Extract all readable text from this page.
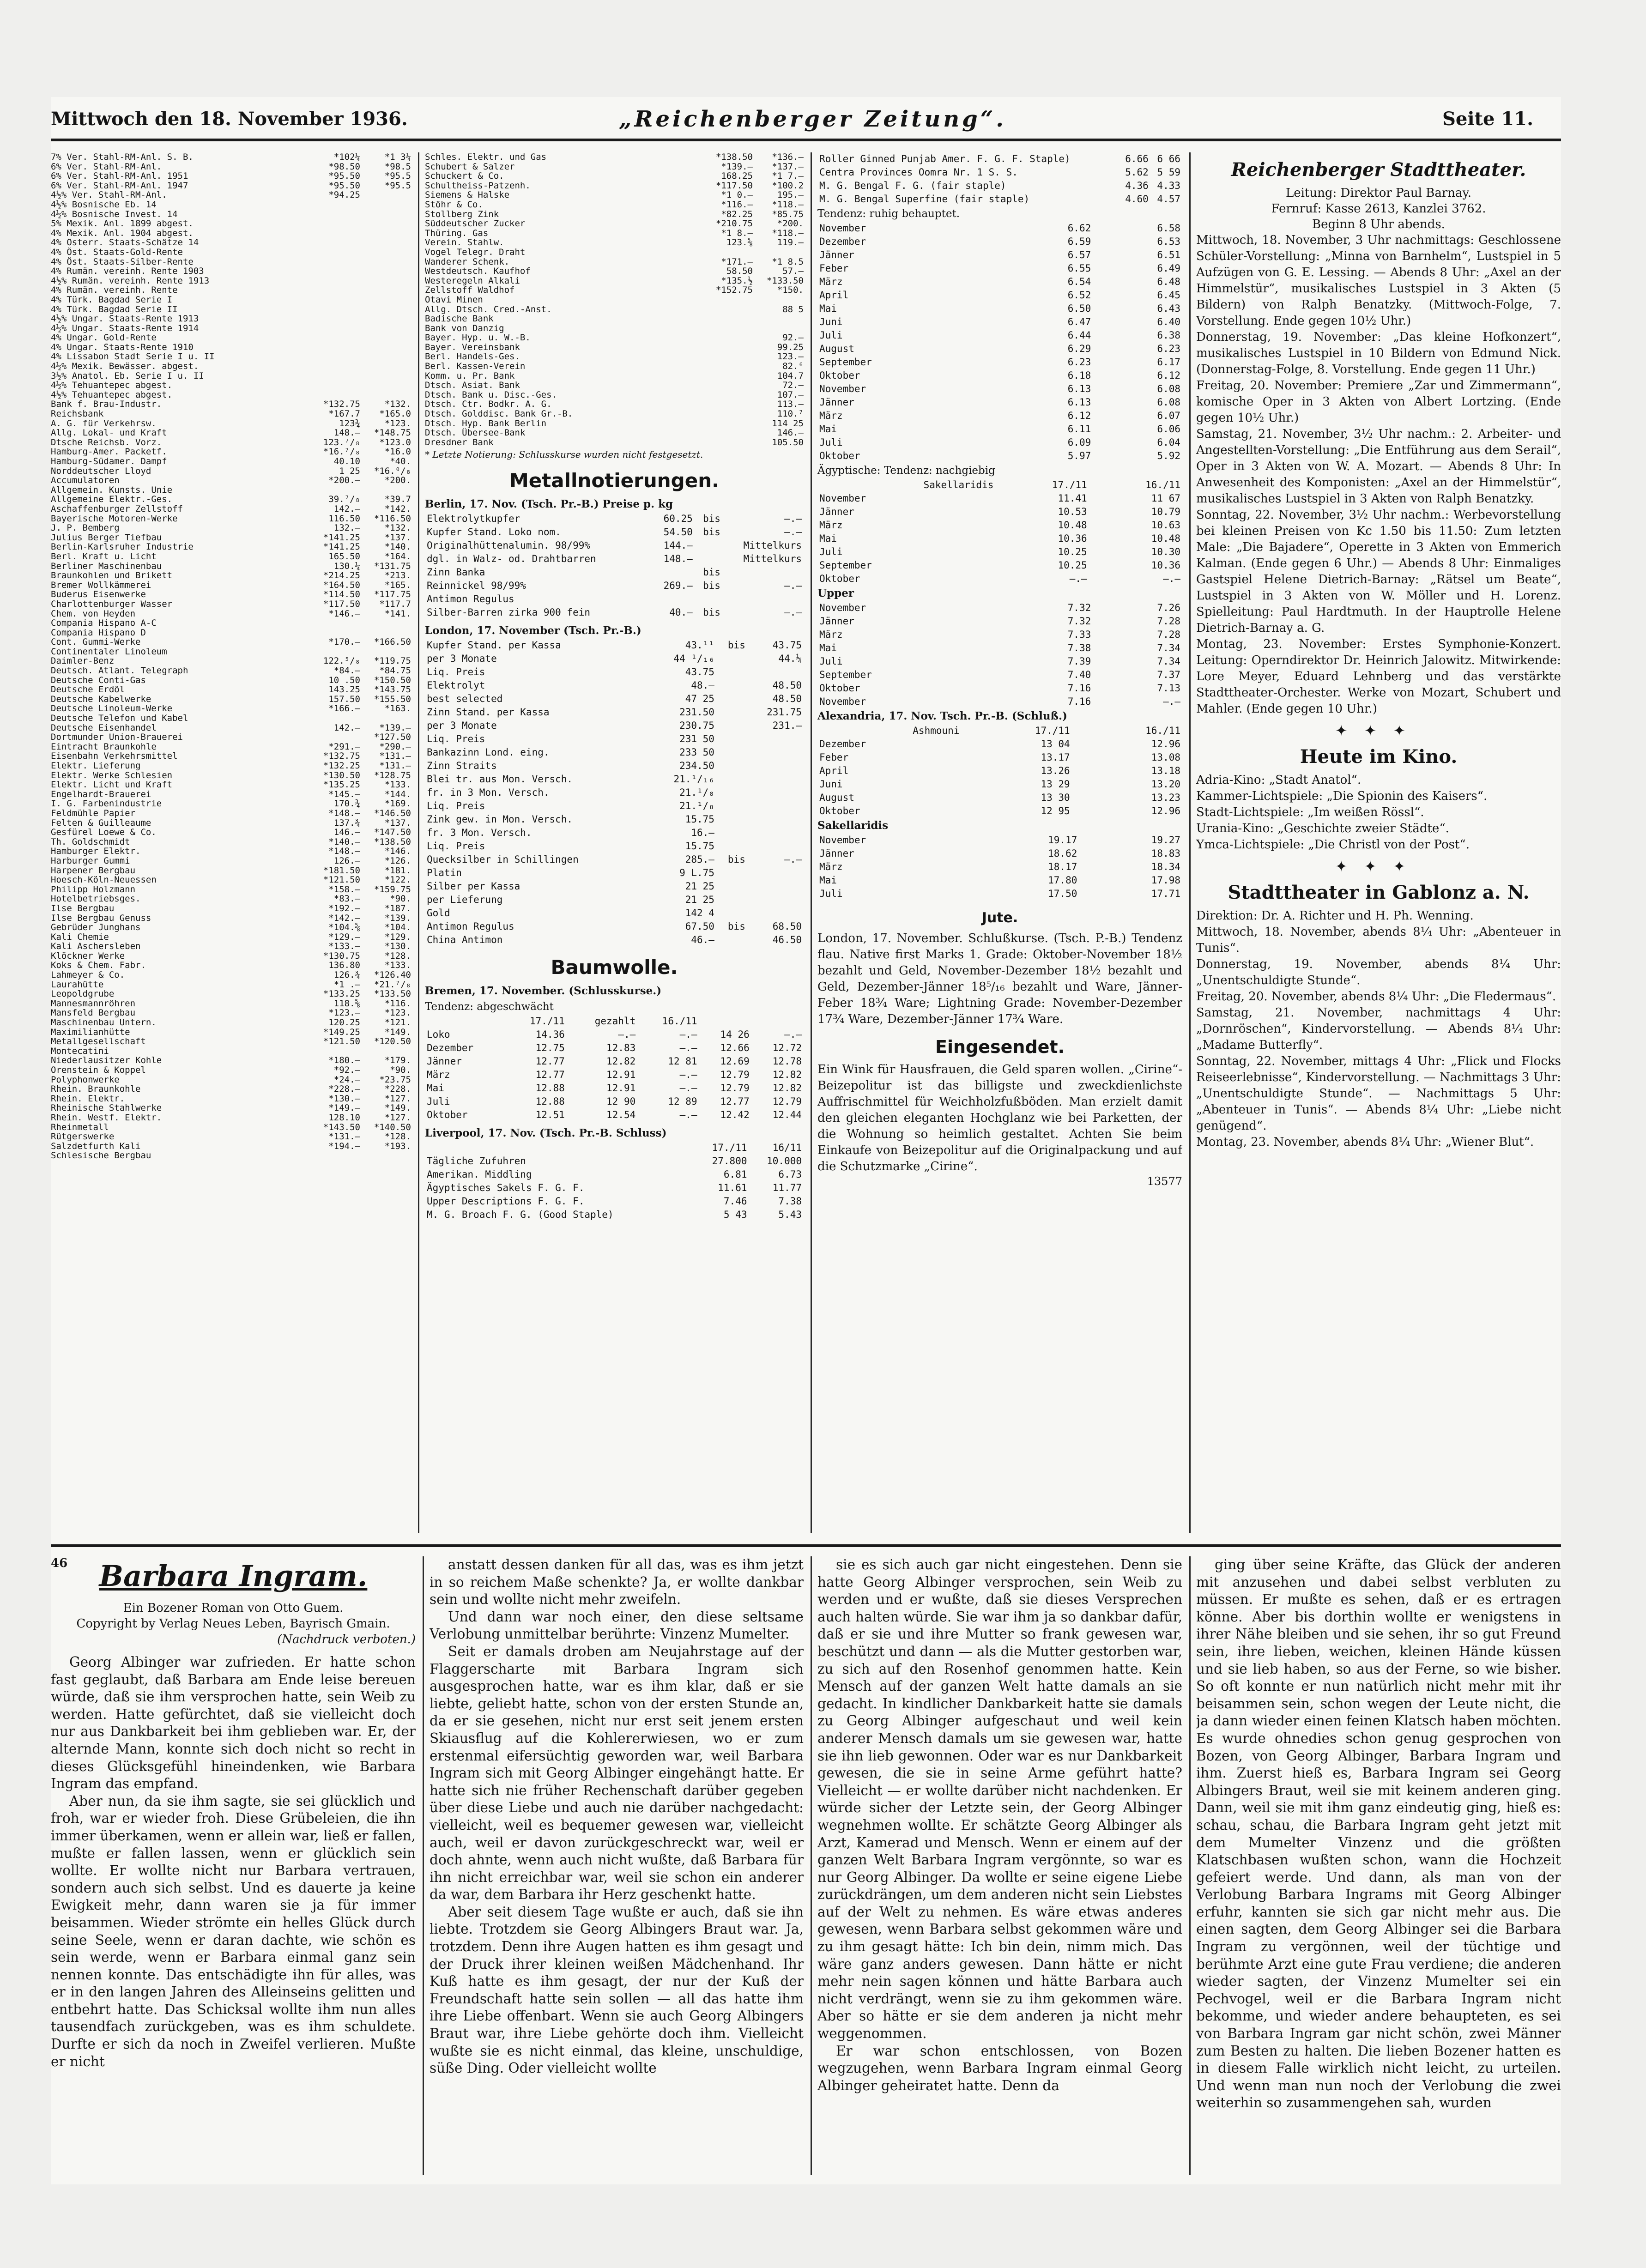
Mittwoch den 18. November 1936.	„Reichenberger Zeitung“.	Seite 11.
7% Ver. Stahl-RM-Anl. S. B.	*102¼	*1 3¼
6% Ver. Stahl-RM-Anl.	*98.50	*98.5
6% Ver. Stahl-RM-Anl. 1951	*95.50	*95.5
6% Ver. Stahl-RM-Anl. 1947	*95.50	*95.5
4½% Ver. Stahl-RM-Anl.	*94.25
4½% Bosnische Eb. 14
4½% Bosnische Invest. 14
5% Mexik. Anl. 1899 abgest.
4% Mexik. Anl. 1904 abgest.
4% Österr. Staats-Schätze 14
4% Öst. Staats-Gold-Rente
4% Öst. Staats-Silber-Rente
4% Rumän. vereinh. Rente 1903
4½% Rumän. vereinh. Rente 1913
4% Rumän. vereinh. Rente
4% Türk. Bagdad Serie I
4% Türk. Bagdad Serie II
4½% Ungar. Staats-Rente 1913
4½% Ungar. Staats-Rente 1914
4% Ungar. Gold-Rente
4% Ungar. Staats-Rente 1910
4% Lissabon Stadt Serie I u. II
4½% Mexik. Bewässer. abgest.
3½% Anatol. Eb. Serie I u. II
4½% Tehuantepec abgest.
4½% Tehuantepec abgest.
Bank f. Brau-Industr.	*132.75	*132.
Reichsbank	*167.7	*165.0
A. G. für Verkehrsw.	123¾	*123.
Allg. Lokal- und Kraft	148.—	*148.75
Dtsche Reichsb. Vorz.	123.⁷/₈	*123.0
Hamburg-Amer. Packetf.	*16.⁷/₈	*16.0
Hamburg-Südamer. Dampf	40.10	*40.
Norddeutscher Lloyd	1 25	*16.⁰/₈
Accumulatoren	*200.—	*200.
Allgemein. Kunsts. Unie
Allgemeine Elektr.-Ges.	39.⁷/₈	*39.7
Aschaffenburger Zellstoff	142.—	*142.
Bayerische Motoren-Werke	116.50	*116.50
J. P. Bemberg	132.—	*132.
Julius Berger Tiefbau	*141.25	*137.
Berlin-Karlsruher Industrie	*141.25	*140.
Berl. Kraft u. Licht	165.50	*164.
Berliner Maschinenbau	130.¼	*131.75
Braunkohlen und Brikett	*214.25	*213.
Bremer Wollkämmerei	*164.50	*165.
Buderus Eisenwerke	*114.50	*117.75
Charlottenburger Wasser	*117.50	*117.7
Chem. von Heyden	*146.—	*141.
Compania Hispano A-C
Compania Hispano D
Cont. Gummi-Werke	*170.—	*166.50
Continentaler Linoleum
Daimler-Benz	122.⁵/₈	*119.75
Deutsch. Atlant. Telegraph	*84.—	*84.75
Deutsche Conti-Gas	10 .50	*150.50
Deutsche Erdöl	143.25	*143.75
Deutsche Kabelwerke	157.50	*155.50
Deutsche Linoleum-Werke	*166.—	*163.
Deutsche Telefon und Kabel
Deutsche Eisenhandel	142.—	*139.—
Dortmunder Union-Brauerei	*127.50
Eintracht Braunkohle	*291.—	*290.—
Eisenbahn Verkehrsmittel	*132.75	*131.—
Elektr. Lieferung	*132.25	*131.—
Elektr. Werke Schlesien	*130.50	*128.75
Elektr. Licht und Kraft	*135.25	*133.
Engelhardt-Brauerei	*145.—	*144.
I. G. Farbenindustrie	170.¾	*169.
Feldmühle Papier	*148.—	*146.50
Felten & Guilleaume	137.¾	*137.
Gesfürel Loewe & Co.	146.—	*147.50
Th. Goldschmidt	*140.—	*138.50
Hamburger Elektr.	*148.—	*146.
Harburger Gummi	126.—	*126.
Harpener Bergbau	*181.50	*181.
Hoesch-Köln-Neuessen	*121.50	*122.
Philipp Holzmann	*158.—	*159.75
Hotelbetriebsges.	*83.—	*90.
Ilse Bergbau	*192.—	*187.
Ilse Bergbau Genuss	*142.—	*139.
Gebrüder Junghans	*104.⅝	*104.
Kali Chemie	*129.—	*129.
Kali Aschersleben	*133.—	*130.
Klöckner Werke	*130.75	*128.
Koks & Chem. Fabr.	136.80	*133.
Lahmeyer & Co.	126.¾	*126.40
Laurahütte	*1 .—	*21.⁷/₈
Leopoldgrube	*133.25	*133.50
Mannesmannröhren	118.⅝	*116.
Mansfeld Bergbau	*123.—	*123.
Maschinenbau Untern.	120.25	*121.
Maximilianhütte	*149.25	*149.
Metallgesellschaft	*121.50	*120.50
Montecatini
Niederlausitzer Kohle	*180.—	*179.
Orenstein & Koppel	*92.—	*90.
Polyphonwerke	*24.—	*23.75
Rhein. Braunkohle	*228.—	*228.
Rhein. Elektr.	*130.—	*127.
Rheinische Stahlwerke	*149.—	*149.
Rhein. Westf. Elektr.	128.10	*127.
Rheinmetall	*143.50	*140.50
Rütgerswerke	*131.—	*128.
Salzdetfurth Kali	*194.—	*193.
Schlesische Bergbau
Schles. Elektr. und Gas	*138.50	*136.—
Schubert & Salzer	*139.—	*137.—
Schuckert & Co.	168.25	*1 7.—
Schultheiss-Patzenh.	*117.50	*100.2
Siemens & Halske	*1 0.—	195.—
Stöhr & Co.	*116.—	*118.—
Stollberg Zink	*82.25	*85.75
Süddeutscher Zucker	*210.75	*200.
Thüring. Gas	*1 8.—	*118.—
Verein. Stahlw.	123.⅝	119.—
Vogel Telegr. Draht
Wanderer Schenk.	*171.—	*1 8.5
Westdeutsch. Kaufhof	58.50	57.—
Westeregeln Alkali	*135.½	*133.50
Zellstoff Waldhof	*152.75	*150.
Otavi Minen
Allg. Dtsch. Cred.-Anst.	88 5
Badische Bank
Bank von Danzig
Bayer. Hyp. u. W.-B.	92.—
Bayer. Vereinsbank	99.25
Berl. Handels-Ges.	123.—
Berl. Kassen-Verein	82.⁶
Komm. u. Pr. Bank	104.7
Dtsch. Asiat. Bank	72.—
Dtsch. Bank u. Disc.-Ges.	107.—
Dtsch. Ctr. Bodkr. A. G.	113.—
Dtsch. Golddisc. Bank Gr.-B.	110.⁷
Dtsch. Hyp. Bank Berlin	114 25
Dtsch. Übersee-Bank	146.—
Dresdner Bank	105.50
* Letzte Notierung: Schlusskurse wurden nicht festgesetzt.
Metallnotierungen.
Berlin, 17. Nov. (Tsch. Pr.-B.) Preise p. kg
Elektrolytkupfer	60.25	bis	—.—
Kupfer Stand. Loko nom.	54.50	bis	—.—
Originalhüttenalumin. 98/99%	144.—		Mittelkurs
dgl. in Walz- od. Drahtbarren	148.—		Mittelkurs
Zinn Banka		bis	
Reinnickel 98/99%	269.—	bis	—.—
Antimon Regulus			
Silber-Barren zirka 900 fein	40.—	bis	—.—
London, 17. November (Tsch. Pr.-B.)
Kupfer Stand. per Kassa	43.¹¹	bis	43.75
per 3 Monate	44 ¹/₁₆		44.¼
Liq. Preis	43.75		
Elektrolyt	48.—		48.50
best selected	47 25		48.50
Zinn Stand. per Kassa	231.50		231.75
per 3 Monate	230.75		231.—
Liq. Preis	231 50		
Bankazinn Lond. eing.	233 50		
Zinn Straits	234.50		
Blei tr. aus Mon. Versch.	21.¹/₁₆		
fr. in 3 Mon. Versch.	21.¹/₈		
Liq. Preis	21.¹/₈		
Zink gew. in Mon. Versch.	15.75		
fr. 3 Mon. Versch.	16.—		
Liq. Preis	15.75		
Quecksilber in Schillingen	285.—	bis	—.—
Platin	9 L.75		
Silber per Kassa	21 25		
per Lieferung	21 25		
Gold	142 4		
Antimon Regulus	67.50	bis	68.50
China Antimon	46.—		46.50
Baumwolle.
Bremen, 17. November. (Schlusskurse.)
Tendenz: abgeschwächt
	17./11	gezahlt	16./11		
Loko	14.36	—.—	—.—	14 26	—.—
Dezember	12.75	12.83	—.—	12.66	12.72
Jänner	12.77	12.82	12 81	12.69	12.78
März	12.77	12.91	—.—	12.79	12.82
Mai	12.88	12.91	—.—	12.79	12.82
Juli	12.88	12 90	12 89	12.77	12.79
Oktober	12.51	12.54	—.—	12.42	12.44
Liverpool, 17. Nov. (Tsch. Pr.-B. Schluss)
	17./11	16/11
Tägliche Zufuhren	27.800	10.000
Amerikan. Middling	6.81	6.73
Ägyptisches Sakels F. G. F.	11.61	11.77
Upper Descriptions F. G. F.	7.46	7.38
M. G. Broach F. G. (Good Staple)	5 43	5.43
Roller Ginned Punjab Amer. F. G. F. Staple)	6.66	6 66
Centra Provinces Oomra Nr. 1 S. S.	5.62	5 59
M. G. Bengal F. G. (fair staple)	4.36	4.33
M. G. Bengal Superfine (fair staple)	4.60	4.57
Tendenz: ruhig behauptet.
November	6.62	6.58
Dezember	6.59	6.53
Jänner	6.57	6.51
Feber	6.55	6.49
März	6.54	6.48
April	6.52	6.45
Mai	6.50	6.43
Juni	6.47	6.40
Juli	6.44	6.38
August	6.29	6.23
September	6.23	6.17
Oktober	6.18	6.12
November	6.13	6.08
Jänner	6.13	6.08
März	6.12	6.07
Mai	6.11	6.06
Juli	6.09	6.04
Oktober	5.97	5.92
Ägyptische: Tendenz: nachgiebig
Sakellaridis	17./11	16./11
November	11.41	11 67
Jänner	10.53	10.79
März	10.48	10.63
Mai	10.36	10.48
Juli	10.25	10.30
September	10.25	10.36
Oktober	—.—	—.—
Upper
November	7.32	7.26
Jänner	7.32	7.28
März	7.33	7.28
Mai	7.38	7.34
Juli	7.39	7.34
September	7.40	7.37
Oktober	7.16	7.13
November	7.16	—.—
Alexandria, 17. Nov. Tsch. Pr.-B. (Schluß.)
Ashmouni	17./11	16./11
Dezember	13 04	12.96
Feber	13.17	13.08
April	13.26	13.18
Juni	13 29	13.20
August	13 30	13.23
Oktober	12 95	12.96
Sakellaridis
November	19.17	19.27
Jänner	18.62	18.83
März	18.17	18.34
Mai	17.80	17.98
Juli	17.50	17.71
Jute.

London, 17. November. Schlußkurse. (Tsch. P.-B.) Tendenz flau. Native first Marks 1. Grade: Oktober-November 18½ bezahlt und Geld, November-Dezember 18½ bezahlt und Geld, Dezember-Jänner 18⁵/₁₆ bezahlt und Ware, Jänner-Feber 18¾ Ware; Lightning Grade: November-Dezember 17¾ Ware, Dezember-Jänner 17¾ Ware.

Eingesendet.

Ein Wink für Hausfrauen, die Geld sparen wollen. „Cirine“-Beizepolitur ist das billigste und zweckdienlichste Auffrischmittel für Weichholzfußböden. Man erzielt damit den gleichen eleganten Hochglanz wie bei Parketten, der die Wohnung so heimlich gestaltet. Achten Sie beim Einkaufe von Beizepolitur auf die Originalpackung und auf die Schutzmarke „Cirine“.

13577
Reichenberger Stadttheater.
Leitung: Direktor Paul Barnay.
Fernruf: Kasse 2613, Kanzlei 3762.
Beginn 8 Uhr abends.

Mittwoch, 18. November, 3 Uhr nachmittags: Geschlossene Schüler-Vorstellung: „Minna von Barnhelm“, Lustspiel in 5 Aufzügen von G. E. Lessing. — Abends 8 Uhr: „Axel an der Himmelstür“, musikalisches Lustspiel in 3 Akten (5 Bildern) von Ralph Benatzky. (Mittwoch-Folge, 7. Vorstellung. Ende gegen 10½ Uhr.)

Donnerstag, 19. November: „Das kleine Hofkonzert“, musikalisches Lustspiel in 10 Bildern von Edmund Nick. (Donnerstag-Folge, 8. Vorstellung. Ende gegen 11 Uhr.)

Freitag, 20. November: Premiere „Zar und Zimmermann“, komische Oper in 3 Akten von Albert Lortzing. (Ende gegen 10½ Uhr.)

Samstag, 21. November, 3½ Uhr nachm.: 2. Arbeiter- und Angestellten-Vorstellung: „Die Entführung aus dem Serail“, Oper in 3 Akten von W. A. Mozart. — Abends 8 Uhr: In Anwesenheit des Komponisten: „Axel an der Himmelstür“, musikalisches Lustspiel in 3 Akten von Ralph Benatzky.

Sonntag, 22. November, 3½ Uhr nachm.: Werbevorstellung bei kleinen Preisen von Kc 1.50 bis 11.50: Zum letzten Male: „Die Bajadere“, Operette in 3 Akten von Emmerich Kalman. (Ende gegen 6 Uhr.) — Abends 8 Uhr: Einmaliges Gastspiel Helene Dietrich-Barnay: „Rätsel um Beate“, Lustspiel in 3 Akten von W. Möller und H. Lorenz. Spielleitung: Paul Hardtmuth. In der Hauptrolle Helene Dietrich-Barnay a. G.

Montag, 23. November: Erstes Symphonie-Konzert. Leitung: Operndirektor Dr. Heinrich Jalowitz. Mitwirkende: Lore Meyer, Eduard Lehnberg und das verstärkte Stadttheater-Orchester. Werke von Mozart, Schubert und Mahler. (Ende gegen 10 Uhr.)

✦✦✦
Heute im Kino.

Adria-Kino: „Stadt Anatol“.

Kammer-Lichtspiele: „Die Spionin des Kaisers“.

Stadt-Lichtspiele: „Im weißen Rössl“.

Urania-Kino: „Geschichte zweier Städte“.

Ymca-Lichtspiele: „Die Christl von der Post“.

✦✦✦
Stadttheater in Gablonz a. N.
Direktion: Dr. A. Richter und H. Ph. Wenning.

Mittwoch, 18. November, abends 8¼ Uhr: „Abenteuer in Tunis“.

Donnerstag, 19. November, abends 8¼ Uhr: „Unentschuldigte Stunde“.

Freitag, 20. November, abends 8¼ Uhr: „Die Fledermaus“.

Samstag, 21. November, nachmittags 4 Uhr: „Dornröschen“, Kindervorstellung. — Abends 8¼ Uhr: „Madame Butterfly“.

Sonntag, 22. November, mittags 4 Uhr: „Flick und Flocks Reiseerlebnisse“, Kindervorstellung. — Nachmittags 3 Uhr: „Unentschuldigte Stunde“. — Nachmittags 5 Uhr: „Abenteuer in Tunis“. — Abends 8¼ Uhr: „Liebe nicht genügend“.

Montag, 23. November, abends 8¼ Uhr: „Wiener Blut“.

46	Barbara Ingram.
Ein Bozener Roman von Otto Guem.
Copyright by Verlag Neues Leben, Bayrisch Gmain.
(Nachdruck verboten.)

Georg Albinger war zufrieden. Er hatte schon fast geglaubt, daß Barbara am Ende leise bereuen würde, daß sie ihm versprochen hatte, sein Weib zu werden. Hatte gefürchtet, daß sie vielleicht doch nur aus Dankbarkeit bei ihm geblieben war. Er, der alternde Mann, konnte sich doch nicht so recht in dieses Glücksgefühl hineindenken, wie Barbara Ingram das empfand.

Aber nun, da sie ihm sagte, sie sei glücklich und froh, war er wieder froh. Diese Grübeleien, die ihn immer überkamen, wenn er allein war, ließ er fallen, mußte er fallen lassen, wenn er glücklich sein wollte. Er wollte nicht nur Barbara vertrauen, sondern auch sich selbst. Und es dauerte ja keine Ewigkeit mehr, dann waren sie ja für immer beisammen. Wieder strömte ein helles Glück durch seine Seele, wenn er daran dachte, wie schön es sein werde, wenn er Barbara einmal ganz sein nennen konnte. Das entschädigte ihn für alles, was er in den langen Jahren des Alleinseins gelitten und entbehrt hatte. Das Schicksal wollte ihm nun alles tausendfach zurückgeben, was es ihm schuldete. Durfte er sich da noch in Zweifel verlieren. Mußte er nicht

anstatt dessen danken für all das, was es ihm jetzt in so reichem Maße schenkte? Ja, er wollte dankbar sein und wollte nicht mehr zweifeln.

Und dann war noch einer, den diese seltsame Verlobung unmittelbar berührte: Vinzenz Mumelter.

Seit er damals droben am Neujahrstage auf der Flaggerscharte mit Barbara Ingram sich ausgesprochen hatte, war es ihm klar, daß er sie liebte, geliebt hatte, schon von der ersten Stunde an, da er sie gesehen, nicht nur erst seit jenem ersten Skiausflug auf die Kohlererwiesen, wo er zum erstenmal eifersüchtig geworden war, weil Barbara Ingram sich mit Georg Albinger eingehängt hatte. Er hatte sich nie früher Rechenschaft darüber gegeben über diese Liebe und auch nie darüber nachgedacht: vielleicht, weil es bequemer gewesen war, vielleicht auch, weil er davon zurückgeschreckt war, weil er doch ahnte, wenn auch nicht wußte, daß Barbara für ihn nicht erreichbar war, weil sie schon ein anderer da war, dem Barbara ihr Herz geschenkt hatte.

Aber seit diesem Tage wußte er auch, daß sie ihn liebte. Trotzdem sie Georg Albingers Braut war. Ja, trotzdem. Denn ihre Augen hatten es ihm gesagt und der Druck ihrer kleinen weißen Mädchenhand. Ihr Kuß hatte es ihm gesagt, der nur der Kuß der Freundschaft hatte sein sollen — all das hatte ihm ihre Liebe offenbart. Wenn sie auch Georg Albingers Braut war, ihre Liebe gehörte doch ihm. Vielleicht wußte sie es nicht einmal, das kleine, unschuldige, süße Ding. Oder vielleicht wollte

sie es sich auch gar nicht eingestehen. Denn sie hatte Georg Albinger versprochen, sein Weib zu werden und er wußte, daß sie dieses Versprechen auch halten würde. Sie war ihm ja so dankbar dafür, daß er sie und ihre Mutter so frank gewesen war, beschützt und dann — als die Mutter gestorben war, zu sich auf den Rosenhof genommen hatte. Kein Mensch auf der ganzen Welt hatte damals an sie gedacht. In kindlicher Dankbarkeit hatte sie damals zu Georg Albinger aufgeschaut und weil kein anderer Mensch damals um sie gewesen war, hatte sie ihn lieb gewonnen. Oder war es nur Dankbarkeit gewesen, die sie in seine Arme geführt hatte? Vielleicht — er wollte darüber nicht nachdenken. Er würde sicher der Letzte sein, der Georg Albinger wegnehmen wollte. Er schätzte Georg Albinger als Arzt, Kamerad und Mensch. Wenn er einem auf der ganzen Welt Barbara Ingram vergönnte, so war es nur Georg Albinger. Da wollte er seine eigene Liebe zurückdrängen, um dem anderen nicht sein Liebstes auf der Welt zu nehmen. Es wäre etwas anderes gewesen, wenn Barbara selbst gekommen wäre und zu ihm gesagt hätte: Ich bin dein, nimm mich. Das wäre ganz anders gewesen. Dann hätte er nicht mehr nein sagen können und hätte Barbara auch nicht verdrängt, wenn sie zu ihm gekommen wäre. Aber so hätte er sie dem anderen ja nicht mehr weggenommen.

Er war schon entschlossen, von Bozen wegzugehen, wenn Barbara Ingram einmal Georg Albinger geheiratet hatte. Denn da

ging über seine Kräfte, das Glück der anderen mit anzusehen und dabei selbst verbluten zu müssen. Er mußte es sehen, daß er es ertragen könne. Aber bis dorthin wollte er wenigstens in ihrer Nähe bleiben und sie sehen, ihr so gut Freund sein, ihre lieben, weichen, kleinen Hände küssen und sie lieb haben, so aus der Ferne, so wie bisher. So oft konnte er nun natürlich nicht mehr mit ihr beisammen sein, schon wegen der Leute nicht, die ja dann wieder einen feinen Klatsch haben möchten. Es wurde ohnedies schon genug gesprochen von Bozen, von Georg Albinger, Barbara Ingram und ihm. Zuerst hieß es, Barbara Ingram sei Georg Albingers Braut, weil sie mit keinem anderen ging. Dann, weil sie mit ihm ganz eindeutig ging, hieß es: schau, schau, die Barbara Ingram geht jetzt mit dem Mumelter Vinzenz und die größten Klatschbasen wußten schon, wann die Hochzeit gefeiert werde. Und dann, als man von der Verlobung Barbara Ingrams mit Georg Albinger erfuhr, kannten sie sich gar nicht mehr aus. Die einen sagten, dem Georg Albinger sei die Barbara Ingram zu vergönnen, weil der tüchtige und berühmte Arzt eine gute Frau verdiene; die anderen wieder sagten, der Vinzenz Mumelter sei ein Pechvogel, weil er die Barbara Ingram nicht bekomme, und wieder andere behaupteten, es sei von Barbara Ingram gar nicht schön, zwei Männer zum Besten zu halten. Die lieben Bozener hatten es in diesem Falle wirklich nicht leicht, zu urteilen. Und wenn man nun noch der Verlobung die zwei weiterhin so zusammengehen sah, wurden
